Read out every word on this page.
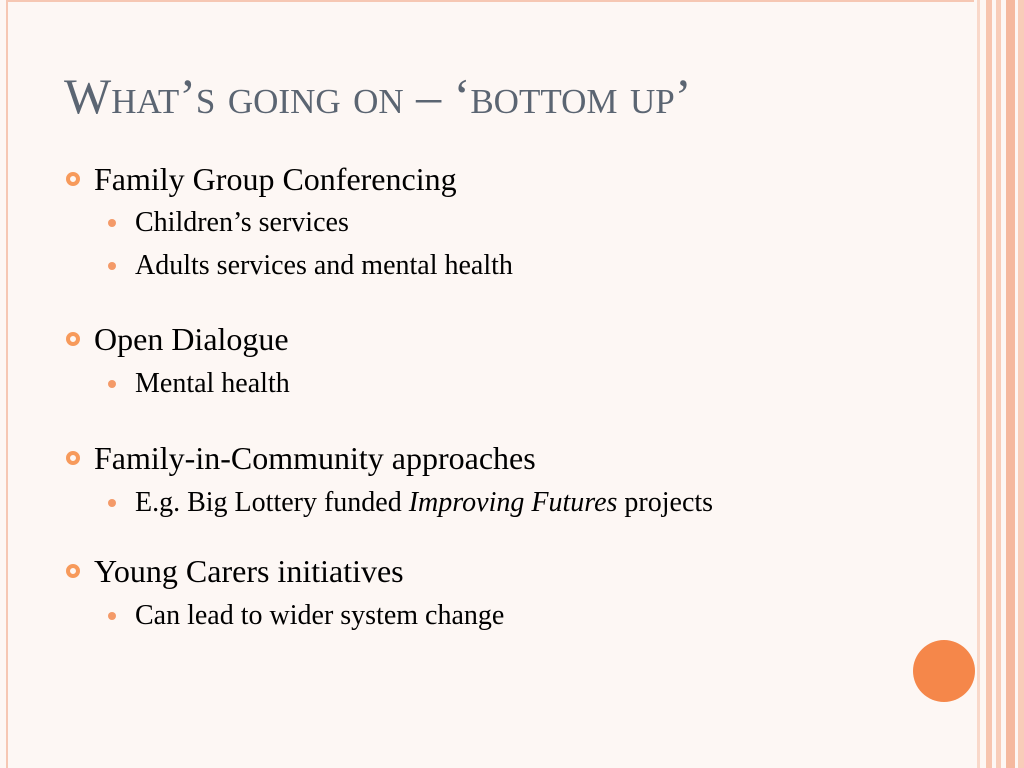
What’s going on – ‘bottom up’
Family Group Conferencing
Children’s services
Adults services and mental health
Open Dialogue
Mental health
Family-in-Community approaches
E.g. Big Lottery funded Improving Futures projects
Young Carers initiatives
Can lead to wider system change
